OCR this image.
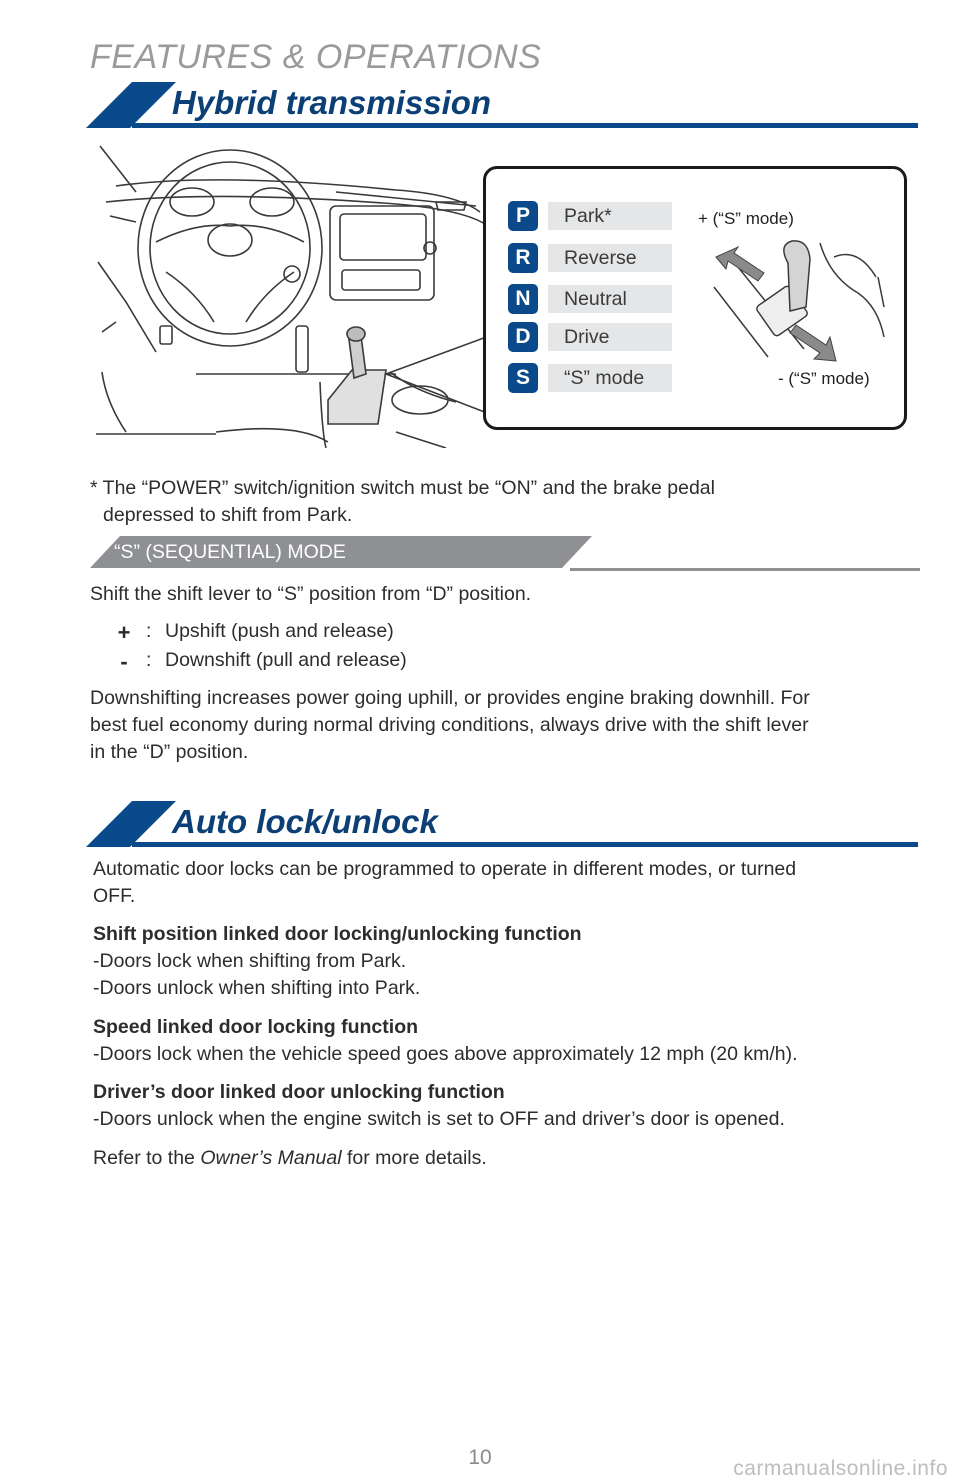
FEATURES & OPERATIONS
Hybrid transmission
P	Park*
R	Reverse
N	Neutral
D	Drive
S	“S” mode
+ (“S” mode)
- (“S” mode)
* The “POWER” switch/ignition switch must be “ON” and the brake pedal
depressed to shift from Park.
“S” (SEQUENTIAL) MODE
Shift the shift lever to “S” position from “D” position.
+ : Upshift (push and release)
- : Downshift (pull and release)
Downshifting increases power going uphill, or provides engine braking downhill. For
best fuel economy during normal driving conditions, always drive with the shift lever
in the “D” position.
Auto lock/unlock
Automatic door locks can be programmed to operate in different modes, or turned
OFF.
Shift position linked door locking/unlocking function
-Doors lock when shifting from Park.
-Doors unlock when shifting into Park.
Speed linked door locking function
-Doors lock when the vehicle speed goes above approximately 12 mph (20 km/h).
Driver’s door linked door unlocking function
-Doors unlock when the engine switch is set to OFF and driver’s door is opened.
Refer to the Owner’s Manual for more details.
10	carmanualsonline.info
